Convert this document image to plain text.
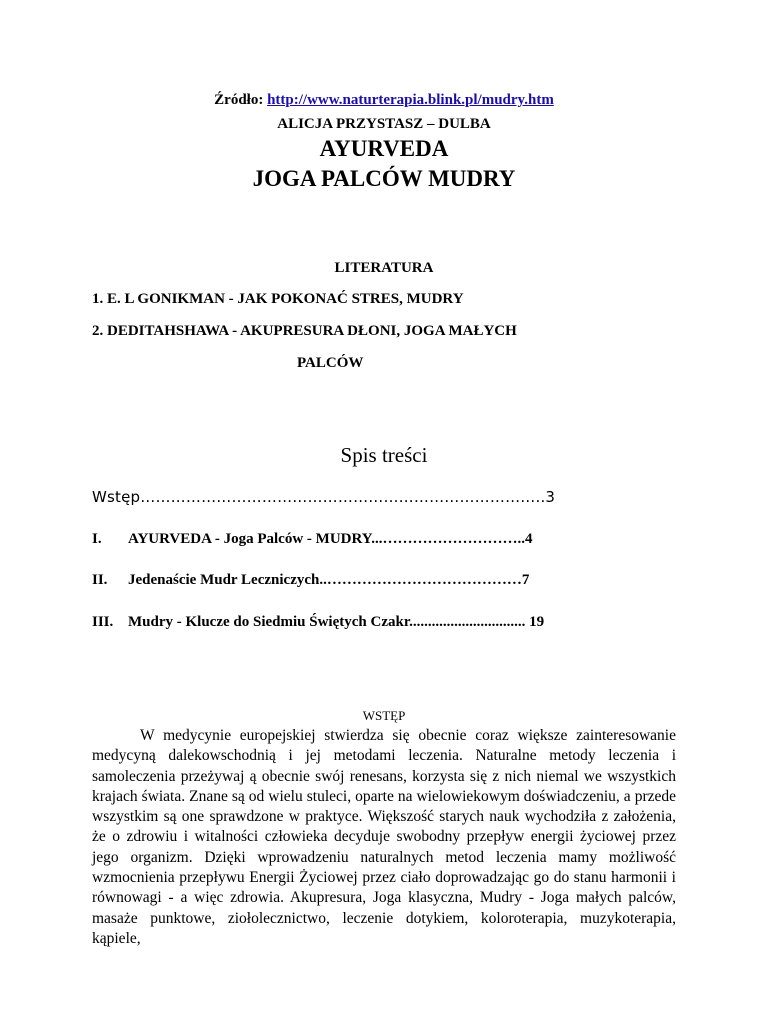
Źródło: http://www.naturterapia.blink.pl/mudry.htm
ALICJA PRZYSTASZ – DULBA
AYURVEDA
JOGA PALCÓW MUDRY
LITERATURA
1. E. L GONIKMAN - JAK POKONAĆ STRES, MUDRY
2. DEDITAHSHAWA - AKUPRESURA DŁONI, JOGA MAŁYCH
PALCÓW
Spis treści
Wstęp……………………………………………………………………..3
I. AYURVEDA - Joga Palców - MUDRY...………………………..4
II. Jedenaście Mudr Leczniczych..…………………………………7
III. Mudry - Klucze do Siedmiu Świętych Czakr............................... 19
WSTĘP

W medycynie europejskiej stwierdza się obecnie coraz większe zainteresowanie medycyną dalekowschodnią i jej metodami leczenia. Naturalne metody leczenia i samoleczenia przeżywaj ą obecnie swój renesans, korzysta się z nich niemal we wszystkich krajach świata. Znane są od wielu stuleci, oparte na wielowiekowym doświadczeniu, a przede wszystkim są one sprawdzone w praktyce. Większość starych nauk wychodziła z założenia, że o zdrowiu i witalności człowieka decyduje swobodny przepływ energii życiowej przez jego organizm. Dzięki wprowadzeniu naturalnych metod leczenia mamy możliwość wzmocnienia przepływu Energii Życiowej przez ciało doprowadzając go do stanu harmonii i równowagi - a więc zdrowia. Akupresura, Joga klasyczna, Mudry - Joga małych palców, masaże punktowe, ziołolecznictwo, leczenie dotykiem, koloroterapia, muzykoterapia, kąpiele,
